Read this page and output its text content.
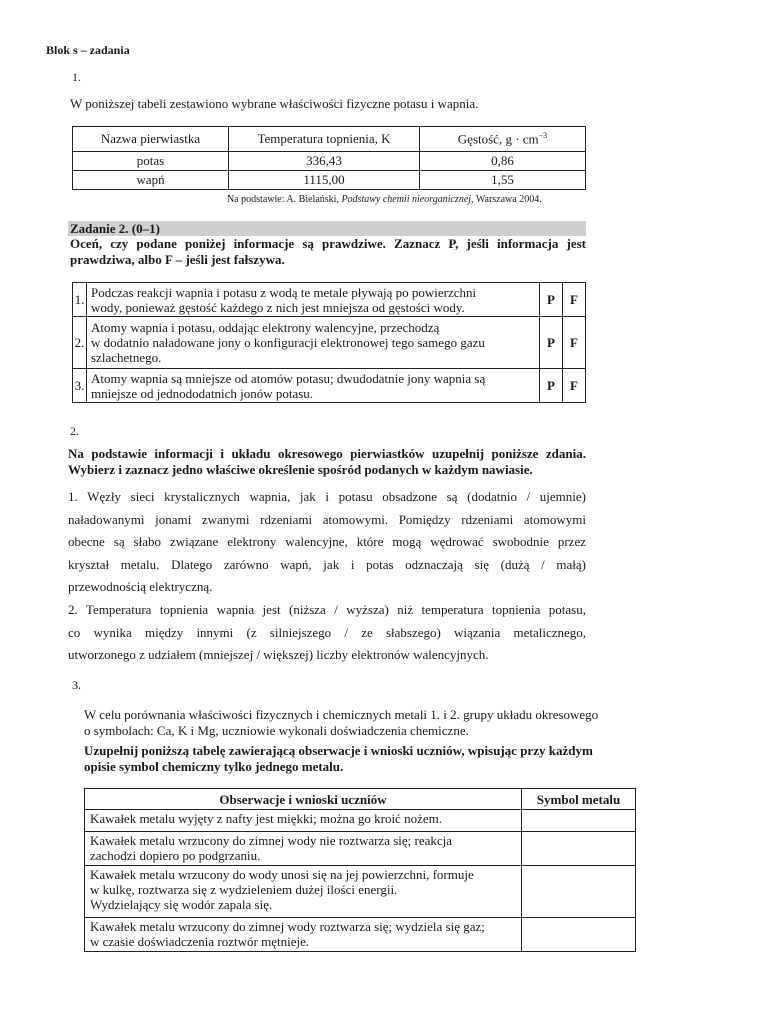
Blok s – zadania
1.
W poniższej tabeli zestawiono wybrane właściwości fizyczne potasu i wapnia.
Nazwa pierwiastka	Temperatura topnienia, K	Gęstość, $g \cdot cm^{-3}$
potas	336,43	0,86
wapń	1115,00	1,55
Na podstawie: A. Bielański, Podstawy chemii nieorganicznej, Warszawa 2004.
Zadanie 2. (0–1)
Oceń, czy podane poniżej informacje są prawdziwe. Zaznacz P, jeśli informacja jest
prawdziwa, albo F – jeśli jest fałszywa.
1.	Podczas reakcji wapnia i potasu z wodą te metale pływają po powierzchni
wody, ponieważ gęstość każdego z nich jest mniejsza od gęstości wody.	P	F
2.	Atomy wapnia i potasu, oddając elektrony walencyjne, przechodzą
w dodatnio naładowane jony o konfiguracji elektronowej tego samego gazu
szlachetnego.	P	F
3.	Atomy wapnia są mniejsze od atomów potasu; dwudodatnie jony wapnia są
mniejsze od jednododatnich jonów potasu.	P	F
2.
Na podstawie informacji i układu okresowego pierwiastków uzupełnij poniższe zdania.
Wybierz i zaznacz jedno właściwe określenie spośród podanych w każdym nawiasie.
1. Węzły sieci krystalicznych wapnia, jak i potasu obsadzone są (dodatnio / ujemnie)
naładowanymi jonami zwanymi rdzeniami atomowymi. Pomiędzy rdzeniami atomowymi
obecne są słabo związane elektrony walencyjne, które mogą wędrować swobodnie przez
kryształ metalu. Dlatego zarówno wapń, jak i potas odznaczają się (dużą / małą)
przewodnością elektryczną.
2. Temperatura topnienia wapnia jest (niższa / wyższa) niż temperatura topnienia potasu,
co wynika między innymi (z silniejszego / ze słabszego) wiązania metalicznego,
utworzonego z udziałem (mniejszej / większej) liczby elektronów walencyjnych.
3.
W celu porównania właściwości fizycznych i chemicznych metali 1. i 2. grupy układu okresowego
o symbolach: Ca, K i Mg, uczniowie wykonali doświadczenia chemiczne.
Uzupełnij poniższą tabelę zawierającą obserwacje i wnioski uczniów, wpisując przy każdym
opisie symbol chemiczny tylko jednego metalu.
Obserwacje i wnioski uczniów	Symbol metalu

Kawałek metalu wyjęty z nafty jest miękki; można go kroić nożem.	

Kawałek metalu wrzucony do zimnej wody nie roztwarza się; reakcja
zachodzi dopiero po podgrzaniu.	

Kawałek metalu wrzucony do wody unosi się na jej powierzchni, formuje
w kulkę, roztwarza się z wydzieleniem dużej ilości energii.
Wydzielający się wodór zapala się.	

Kawałek metalu wrzucony do zimnej wody roztwarza się; wydziela się gaz;
w czasie doświadczenia roztwór mętnieje.	
